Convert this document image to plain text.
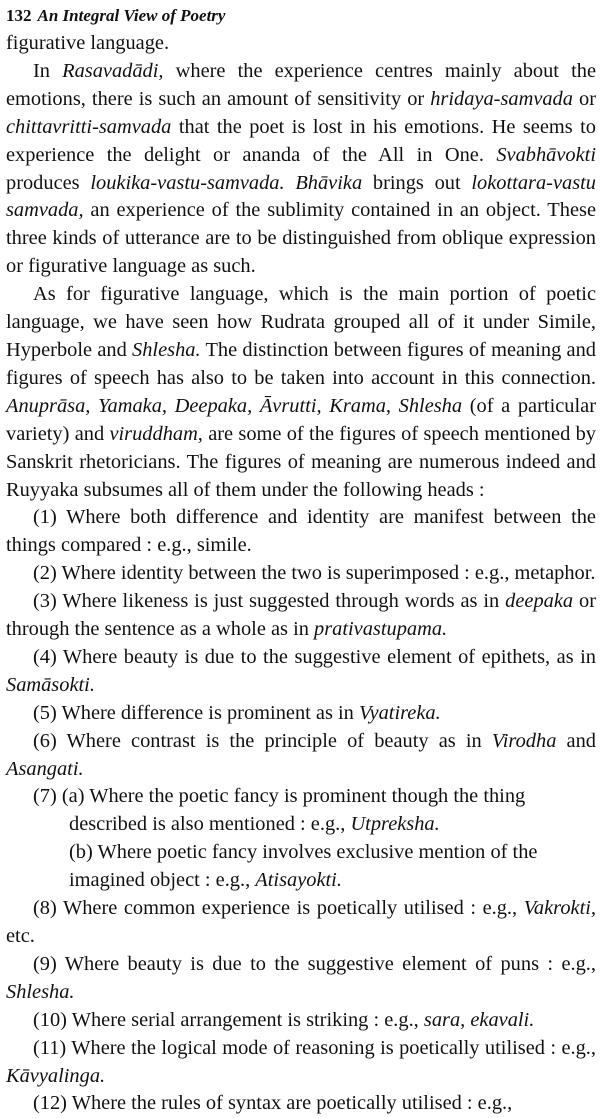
132 An Integral View of Poetry

figurative language.

In Rasavadādi, where the experience centres mainly about the emotions, there is such an amount of sensitivity or hridaya-samvada or chittavritti-samvada that the poet is lost in his emotions. He seems to experience the delight or ananda of the All in One. Svabhāvokti produces loukika-vastu-samvada. Bhāvika brings out lokottara-vastu samvada, an experience of the sublimity contained in an object. These three kinds of utterance are to be distinguished from oblique expression or figurative language as such.

As for figurative language, which is the main portion of poetic language, we have seen how Rudrata grouped all of it under Simile, Hyperbole and Shlesha. The distinction between figures of meaning and figures of speech has also to be taken into account in this connection. Anuprāsa, Yamaka, Deepaka, Āvrutti, Krama, Shlesha (of a particular variety) and viruddham, are some of the figures of speech mentioned by Sanskrit rhetoricians. The figures of meaning are numerous indeed and Ruyyaka subsumes all of them under the following heads :

(1) Where both difference and identity are manifest between the things compared : e.g., simile.

(2) Where identity between the two is superimposed : e.g., metaphor.

(3) Where likeness is just suggested through words as in deepaka or through the sentence as a whole as in prativastupama.

(4) Where beauty is due to the suggestive element of epithets, as in Samāsokti.

(5) Where difference is prominent as in Vyatireka.

(6) Where contrast is the principle of beauty as in Virodha and Asangati.

(7) (a) Where the poetic fancy is prominent though the thing

described is also mentioned : e.g., Utpreksha.

(b) Where poetic fancy involves exclusive mention of the

imagined object : e.g., Atisayokti.

(8) Where common experience is poetically utilised : e.g., Vakrokti, etc.

(9) Where beauty is due to the suggestive element of puns : e.g., Shlesha.

(10) Where serial arrangement is striking : e.g., sara, ekavali.

(11) Where the logical mode of reasoning is poetically utilised : e.g., Kāvyalinga.

(12) Where the rules of syntax are poetically utilised : e.g.,
